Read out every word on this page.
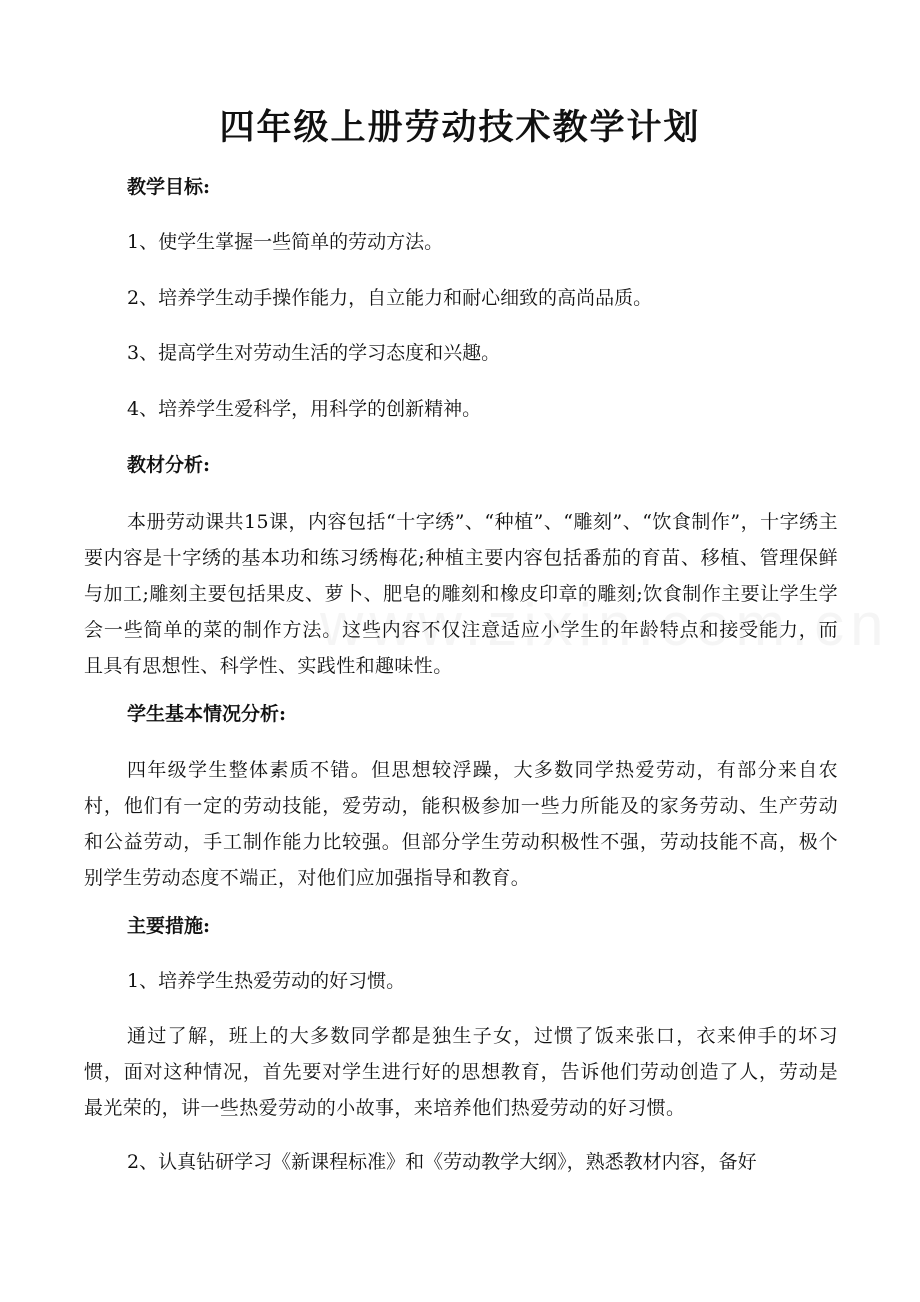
四年级上册劳动技术教学计划

教学目标:

1、使学生掌握一些简单的劳动方法。

2、培养学生动手操作能力，自立能力和耐心细致的高尚品质。

3、提高学生对劳动生活的学习态度和兴趣。

4、培养学生爱科学，用科学的创新精神。

教材分析:

本册劳动课共15课，内容包括“十字绣”、“种植”、“雕刻”、“饮食制作”，十字绣主要内容是十字绣的基本功和练习绣梅花;种植主要内容包括番茄的育苗、移植、管理保鲜与加工;雕刻主要包括果皮、萝卜、肥皂的雕刻和橡皮印章的雕刻;饮食制作主要让学生学会一些简单的菜的制作方法。这些内容不仅注意适应小学生的年龄特点和接受能力，而且具有思想性、科学性、实践性和趣味性。

学生基本情况分析:

四年级学生整体素质不错。但思想较浮躁，大多数同学热爱劳动，有部分来自农村，他们有一定的劳动技能，爱劳动，能积极参加一些力所能及的家务劳动、生产劳动和公益劳动，手工制作能力比较强。但部分学生劳动积极性不强，劳动技能不高，极个别学生劳动态度不端正，对他们应加强指导和教育。

主要措施:

1、培养学生热爱劳动的好习惯。

通过了解，班上的大多数同学都是独生子女，过惯了饭来张口，衣来伸手的坏习惯，面对这种情况，首先要对学生进行好的思想教育，告诉他们劳动创造了人，劳动是最光荣的，讲一些热爱劳动的小故事，来培养他们热爱劳动的好习惯。

2、认真钻研学习《新课程标准》和《劳动教学大纲》，熟悉教材内容，备好
